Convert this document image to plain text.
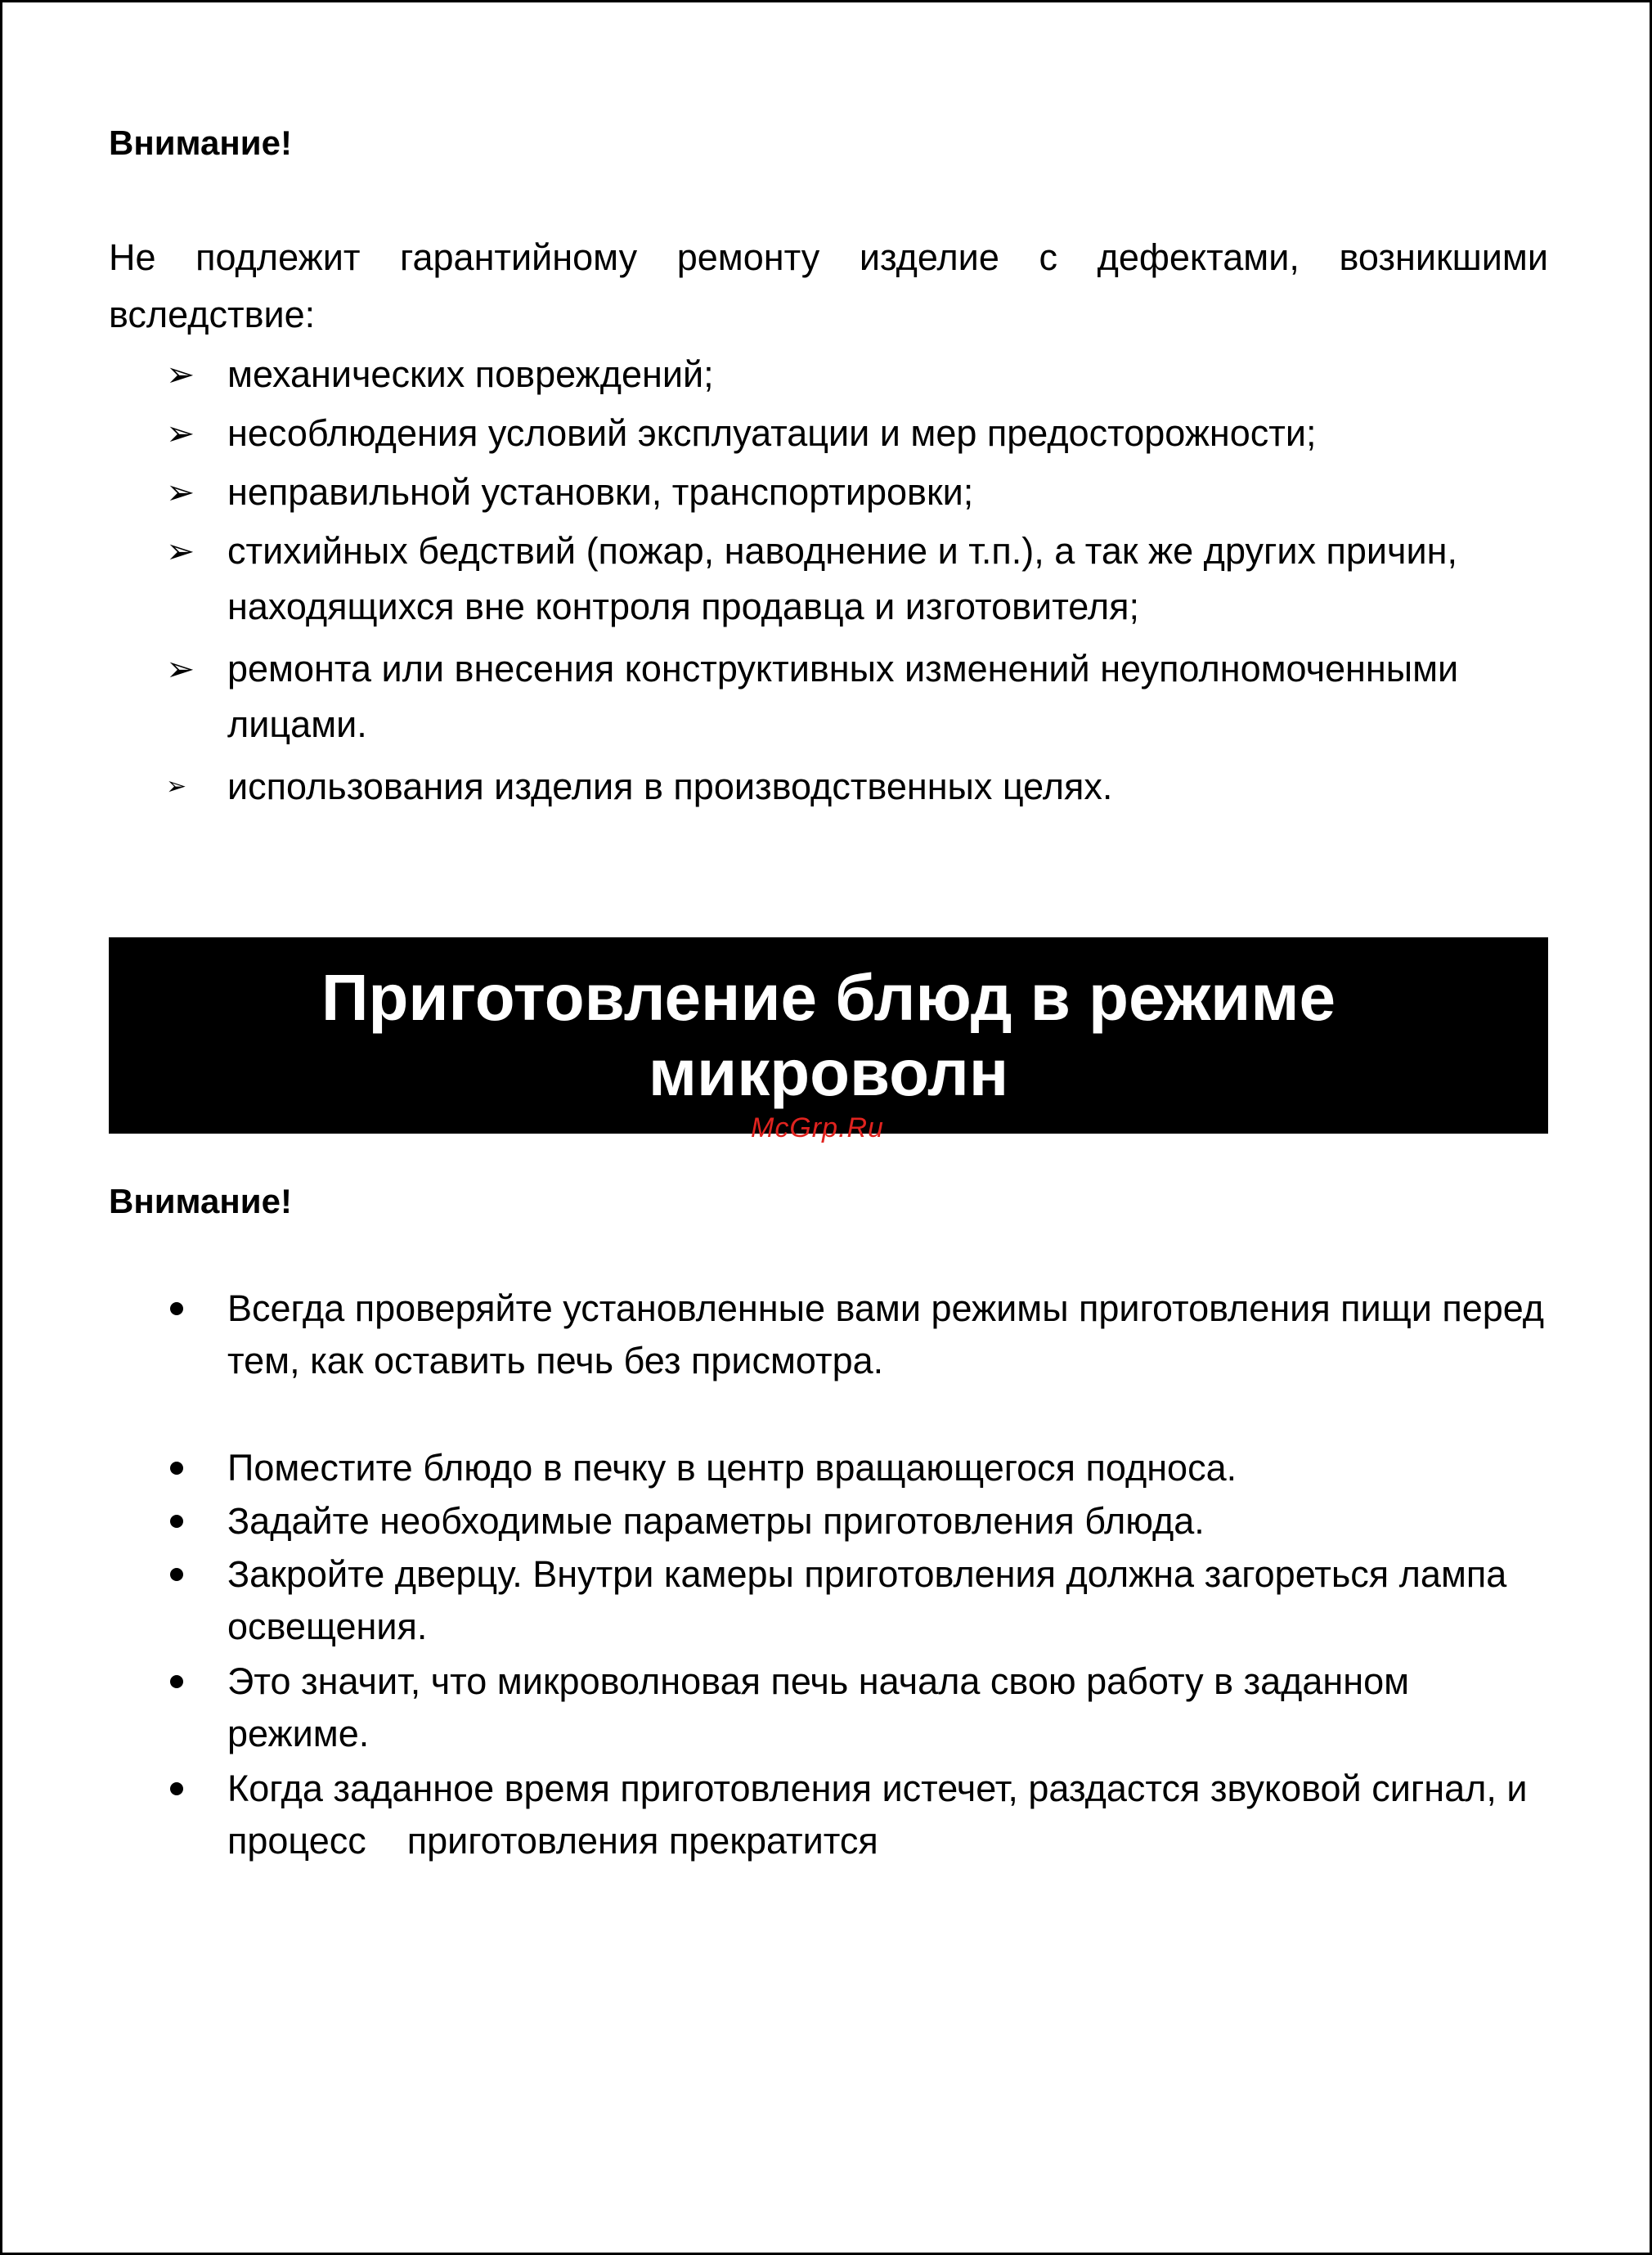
Внимание!

Не подлежит гарантийному ремонту изделие с дефектами, возникшими вследствие:

➢ механических повреждений;
➢ несоблюдения условий эксплуатации и мер предосторожности;
➢ неправильной установки, транспортировки;
➢ стихийных бедствий (пожар, наводнение и т.п.), а так же других причин, находящихся вне контроля продавца и изготовителя;
➢ ремонта или внесения конструктивных изменений неуполномоченными лицами.
➢ использования изделия в производственных целях.

Приготовление блюд в режиме микроволн

Внимание!

Всегда проверяйте установленные вами режимы приготовления пищи перед тем, как оставить печь без присмотра.
Поместите блюдо в печку в центр вращающегося подноса.
Задайте необходимые параметры приготовления блюда.
Закройте дверцу. Внутри камеры приготовления должна загореться лампа освещения.
Это значит, что микроволновая печь начала свою работу в заданном режиме.
Когда заданное время приготовления истечет, раздастся звуковой сигнал, и процесс    приготовления прекратится
McGrp.Ru
